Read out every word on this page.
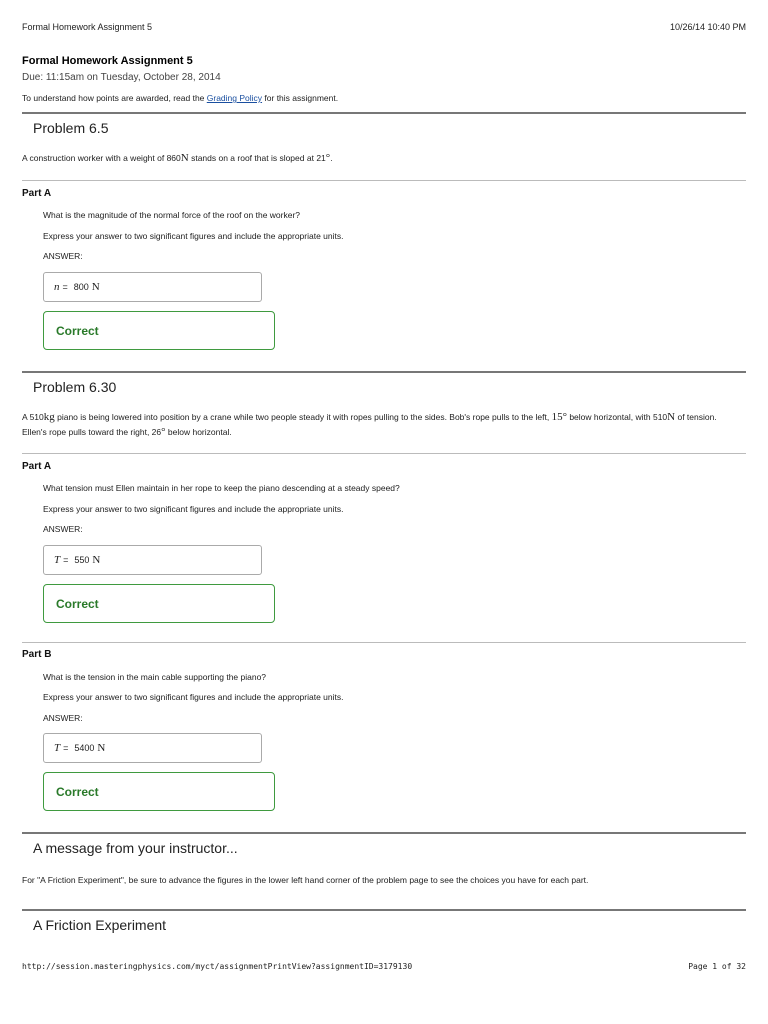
Formal Homework Assignment 5	10/26/14 10:40 PM
Formal Homework Assignment 5
Due: 11:15am on Tuesday, October 28, 2014
To understand how points are awarded, read the Grading Policy for this assignment.
Problem 6.5
A construction worker with a weight of 860N stands on a roof that is sloped at 21°.
Part A
What is the magnitude of the normal force of the roof on the worker?
Express your answer to two significant figures and include the appropriate units.
ANSWER:
n = 800 N
Correct
Problem 6.30
A 510kg piano is being lowered into position by a crane while two people steady it with ropes pulling to the sides. Bob's rope pulls to the left, 15° below horizontal, with 510N of tension. Ellen's rope pulls toward the right, 26° below horizontal.
Part A
What tension must Ellen maintain in her rope to keep the piano descending at a steady speed?
Express your answer to two significant figures and include the appropriate units.
ANSWER:
T = 550 N
Correct
Part B
What is the tension in the main cable supporting the piano?
Express your answer to two significant figures and include the appropriate units.
ANSWER:
T = 5400 N
Correct
A message from your instructor...
For "A Friction Experiment", be sure to advance the figures in the lower left hand corner of the problem page to see the choices you have for each part.
A Friction Experiment
http://session.masteringphysics.com/myct/assignmentPrintView?assignmentID=3179130	Page 1 of 32
